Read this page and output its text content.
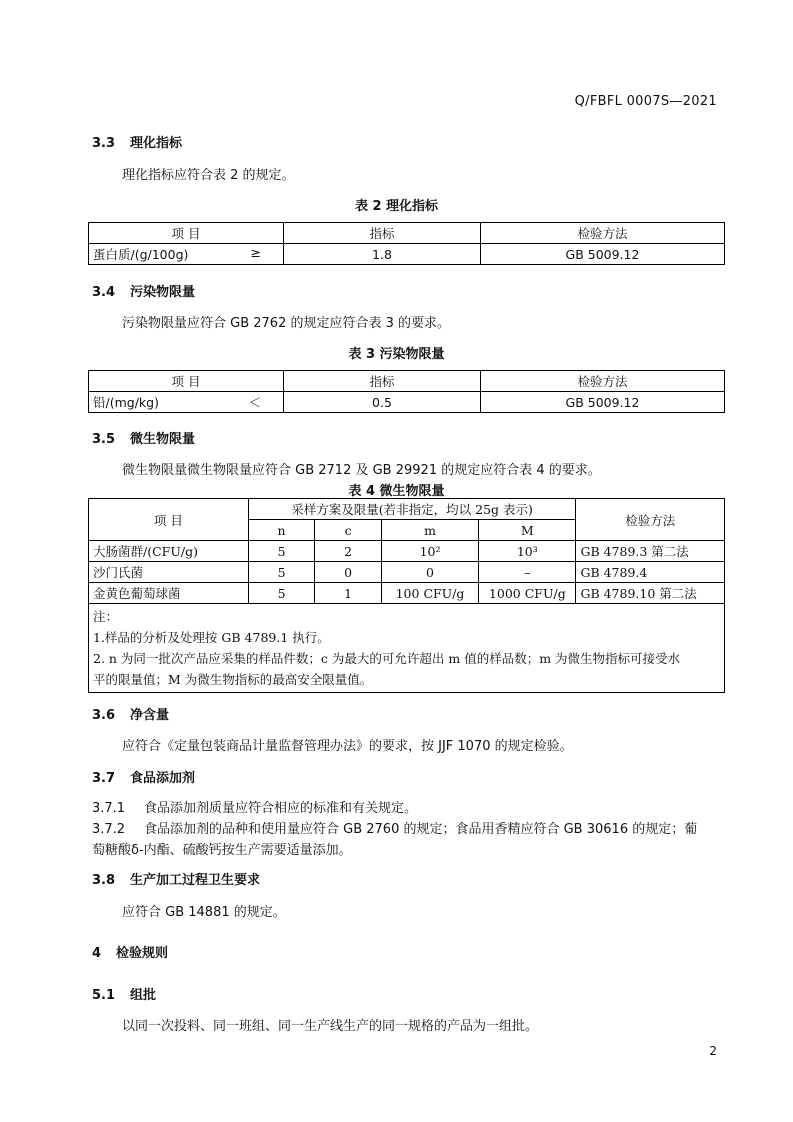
Q/FBFL 0007S—2021
3.3 理化指标
理化指标应符合表 2 的规定。
表 2 理化指标
项 目	指标	检验方法
蛋白质/(g/100g) ≥	1.8	GB 5009.12
3.4 污染物限量
污染物限量应符合 GB 2762 的规定应符合表 3 的要求。
表 3 污染物限量
项 目	指标	检验方法
铅/(mg/kg) ＜	0.5	GB 5009.12
3.5 微生物限量
微生物限量微生物限量应符合 GB 2712 及 GB 29921 的规定应符合表 4 的要求。
表 4 微生物限量
项 目	采样方案及限量(若非指定，均以 25g 表示)				检验方法
	n	c	m	M	
大肠菌群/(CFU/g)	5	2	10²	10³	GB 4789.3 第二法
沙门氏菌	5	0	0	–	GB 4789.4
金黄色葡萄球菌	5	1	100 CFU/g	1000 CFU/g	GB 4789.10 第二法

注：
1.样品的分析及处理按 GB 4789.1 执行。
2. n 为同一批次产品应采集的样品件数；c 为最大的可允许超出 m 值的样品数；m 为微生物指标可接受水
平的限量值；M 为微生物指标的最高安全限量值。					
3.6 净含量
应符合《定量包装商品计量监督管理办法》的要求，按 JJF 1070 的规定检验。
3.7 食品添加剂
3.7.1 食品添加剂质量应符合相应的标准和有关规定。
3.7.2 食品添加剂的品种和使用量应符合 GB 2760 的规定；食品用香精应符合 GB 30616 的规定；葡
萄糖酸δ-内酯、硫酸钙按生产需要适量添加。
3.8 生产加工过程卫生要求
应符合 GB 14881 的规定。
4 检验规则
5.1 组批
以同一次投料、同一班组、同一生产线生产的同一规格的产品为一组批。
2
